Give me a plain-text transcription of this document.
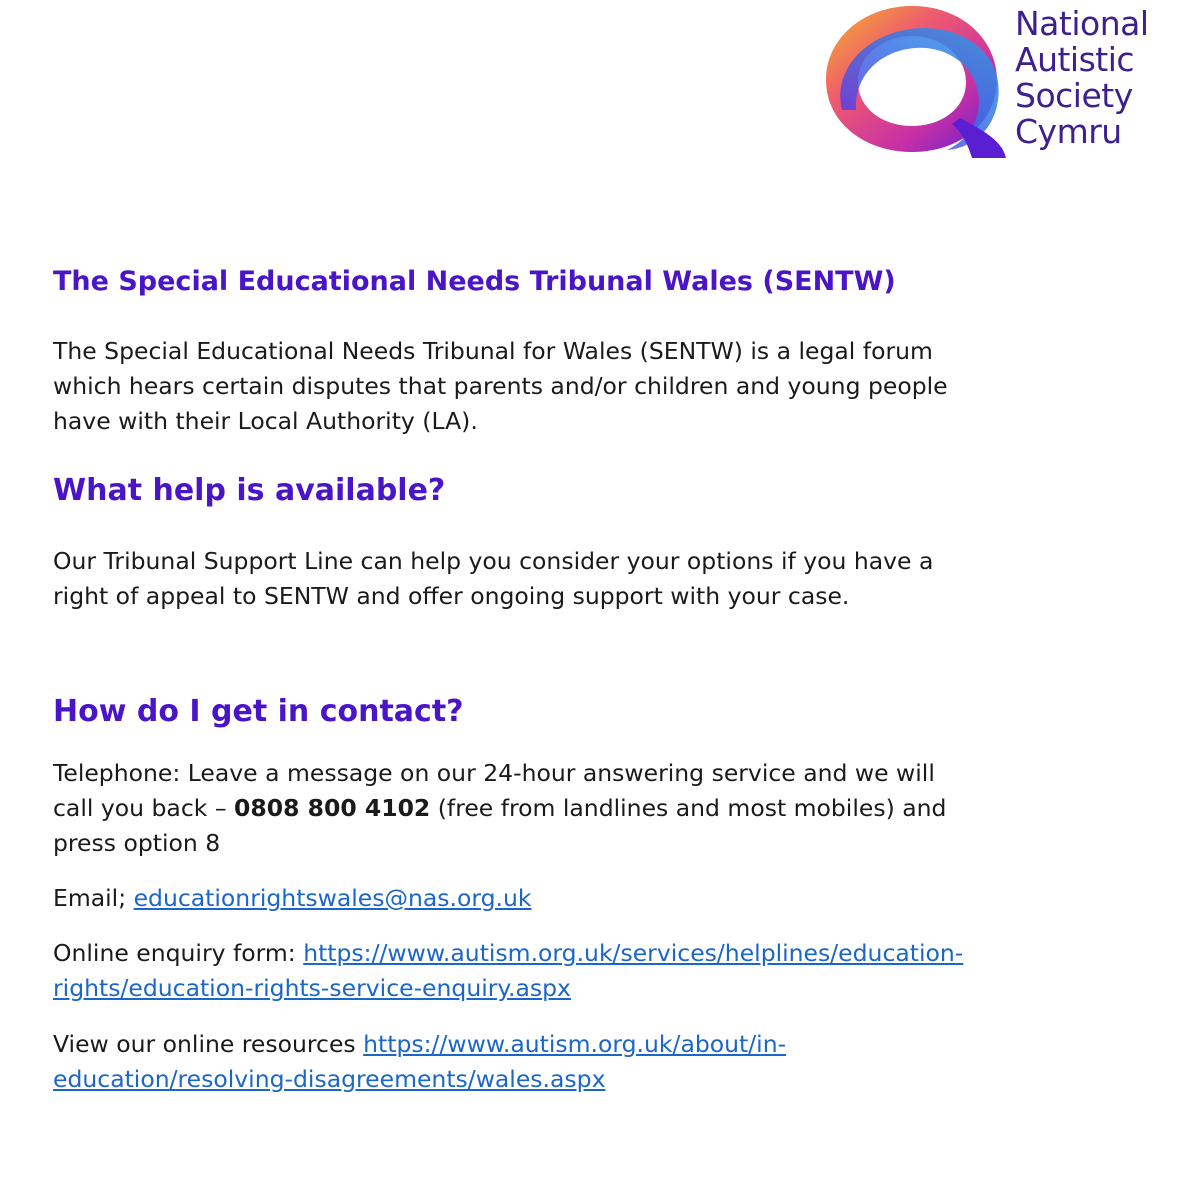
National
Autistic
Society
Cymru
The Special Educational Needs Tribunal Wales (SENTW)

The Special Educational Needs Tribunal for Wales (SENTW) is a legal forum
which hears certain disputes that parents and/or children and young people
have with their Local Authority (LA).

What help is available?

Our Tribunal Support Line can help you consider your options if you have a
right of appeal to SENTW and offer ongoing support with your case.

How do I get in contact?

Telephone: Leave a message on our 24-hour answering service and we will
call you back – 0808 800 4102 (free from landlines and most mobiles) and
press option 8

Email; educationrightswales@nas.org.uk

Online enquiry form: https://www.autism.org.uk/services/helplines/education-
rights/education-rights-service-enquiry.aspx

View our online resources https://www.autism.org.uk/about/in-
education/resolving-disagreements/wales.aspx
